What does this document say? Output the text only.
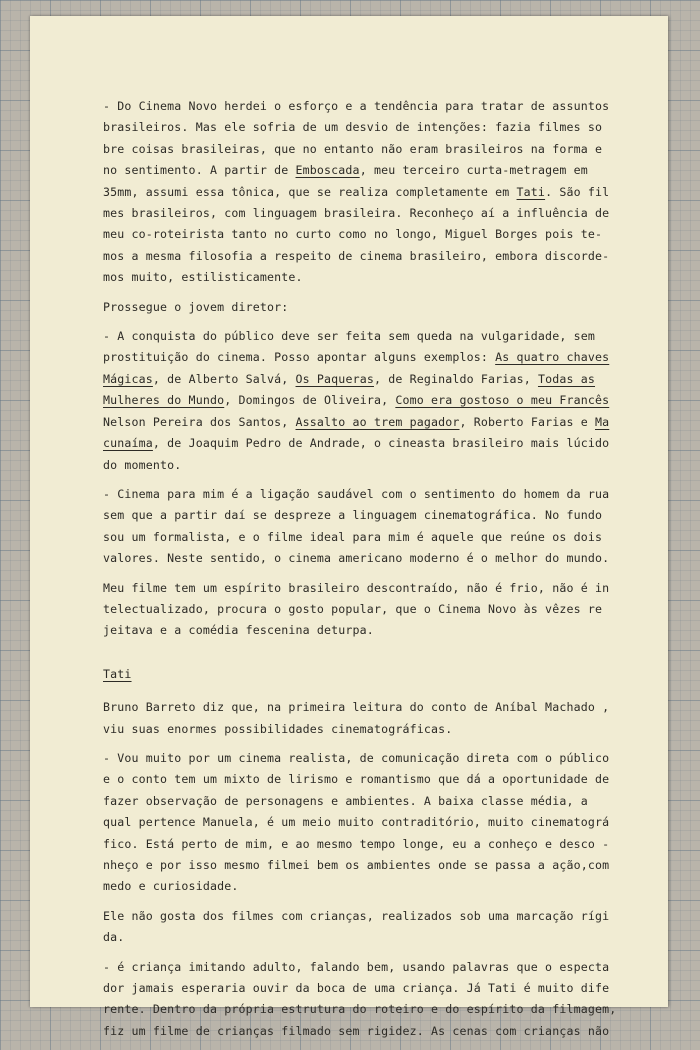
- Do Cinema Novo herdei o esforço e a tendência para tratar de assuntos
brasileiros. Mas ele sofria de um desvio de intenções: fazia filmes so
bre coisas brasileiras, que no entanto não eram brasileiros na forma e
no sentimento. A partir de Emboscada, meu terceiro curta-metragem em
35mm, assumi essa tônica, que se realiza completamente em Tati. São fil
mes brasileiros, com linguagem brasileira. Reconheço aí a influência de
meu co-roteirista tanto no curto como no longo, Miguel Borges pois te-
mos a mesma filosofia a respeito de cinema brasileiro, embora discorde-
mos muito, estilisticamente.
Prossegue o jovem diretor:
- A conquista do público deve ser feita sem queda na vulgaridade, sem
prostituição do cinema. Posso apontar alguns exemplos: As quatro chaves
Mágicas, de Alberto Salvá, Os Paqueras, de Reginaldo Farias, Todas as
Mulheres do Mundo, Domingos de Oliveira, Como era gostoso o meu Francês
Nelson Pereira dos Santos, Assalto ao trem pagador, Roberto Farias e Ma
cunaíma, de Joaquim Pedro de Andrade, o cineasta brasileiro mais lúcido
do momento.
- Cinema para mim é a ligação saudável com o sentimento do homem da rua
sem que a partir daí se despreze a linguagem cinematográfica. No fundo
sou um formalista, e o filme ideal para mim é aquele que reúne os dois
valores. Neste sentido, o cinema americano moderno é o melhor do mundo.
Meu filme tem um espírito brasileiro descontraído, não é frio, não é in
telectualizado, procura o gosto popular, que o Cinema Novo às vêzes re
jeitava e a comédia fescenina deturpa.
Tati
Bruno Barreto diz que, na primeira leitura do conto de Aníbal Machado ,
viu suas enormes possibilidades cinematográficas.
- Vou muito por um cinema realista, de comunicação direta com o público
e o conto tem um mixto de lirismo e romantismo que dá a oportunidade de
fazer observação de personagens e ambientes. A baixa classe média, a
qual pertence Manuela, é um meio muito contraditório, muito cinematográ
fico. Está perto de mim, e ao mesmo tempo longe, eu a conheço e desco -
nheço e por isso mesmo filmei bem os ambientes onde se passa a ação,com
medo e curiosidade.
Ele não gosta dos filmes com crianças, realizados sob uma marcação rígi
da.
- é criança imitando adulto, falando bem, usando palavras que o especta
dor jamais esperaria ouvir da boca de uma criança. Já Tati é muito dife
rente. Dentro da própria estrutura do roteiro e do espírito da filmagem,
fiz um filme de crianças filmado sem rigidez. As cenas com crianças não
